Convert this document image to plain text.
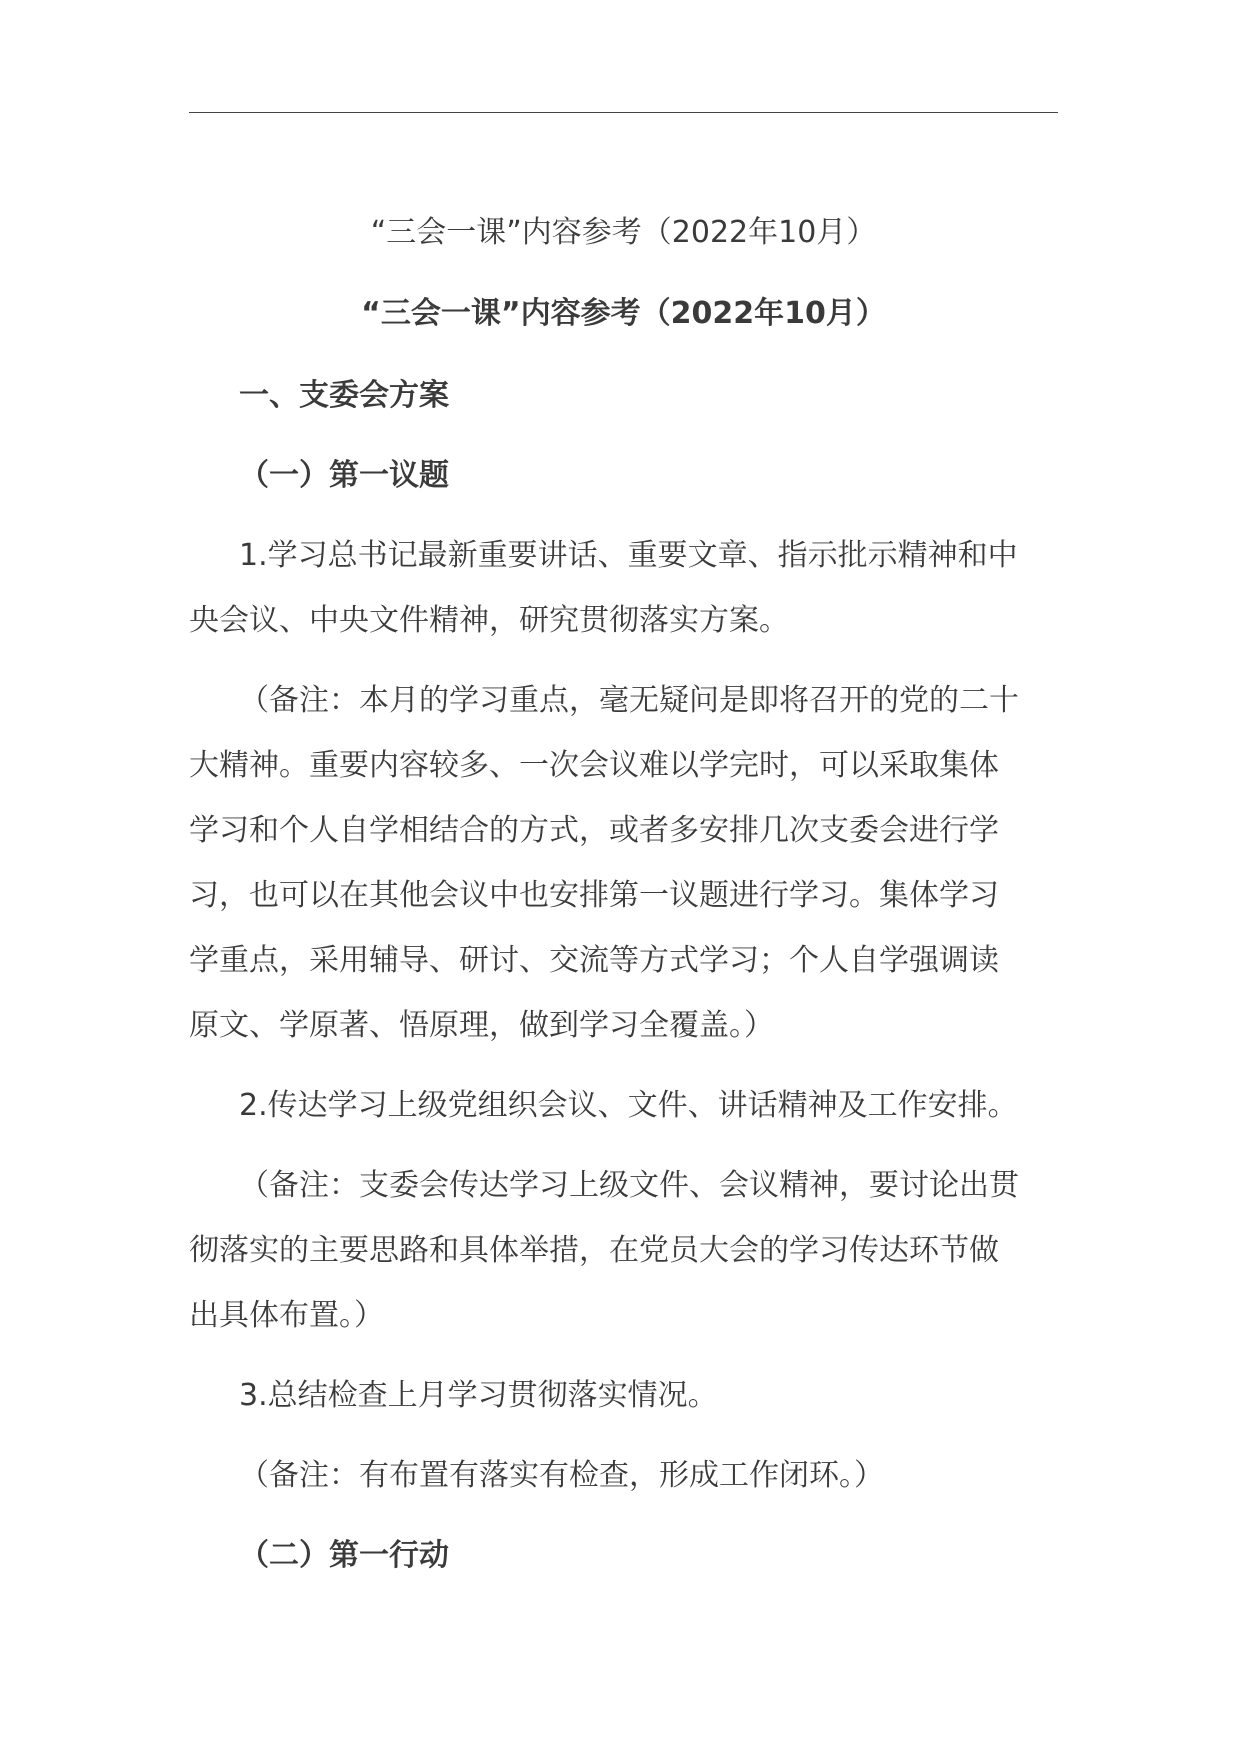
“三会一课”内容参考（2022年10月）

“三会一课”内容参考（2022年10月）

一、支委会方案

（一）第一议题

1.学习总书记最新重要讲话、重要文章、指示批示精神和中

央会议、中央文件精神，研究贯彻落实方案。

（备注：本月的学习重点，毫无疑问是即将召开的党的二十

大精神。重要内容较多、一次会议难以学完时，可以采取集体

学习和个人自学相结合的方式，或者多安排几次支委会进行学

习，也可以在其他会议中也安排第一议题进行学习。集体学习

学重点，采用辅导、研讨、交流等方式学习；个人自学强调读

原文、学原著、悟原理，做到学习全覆盖。）

2.传达学习上级党组织会议、文件、讲话精神及工作安排。

（备注：支委会传达学习上级文件、会议精神，要讨论出贯

彻落实的主要思路和具体举措，在党员大会的学习传达环节做

出具体布置。）

3.总结检查上月学习贯彻落实情况。

（备注：有布置有落实有检查，形成工作闭环。）

（二）第一行动
